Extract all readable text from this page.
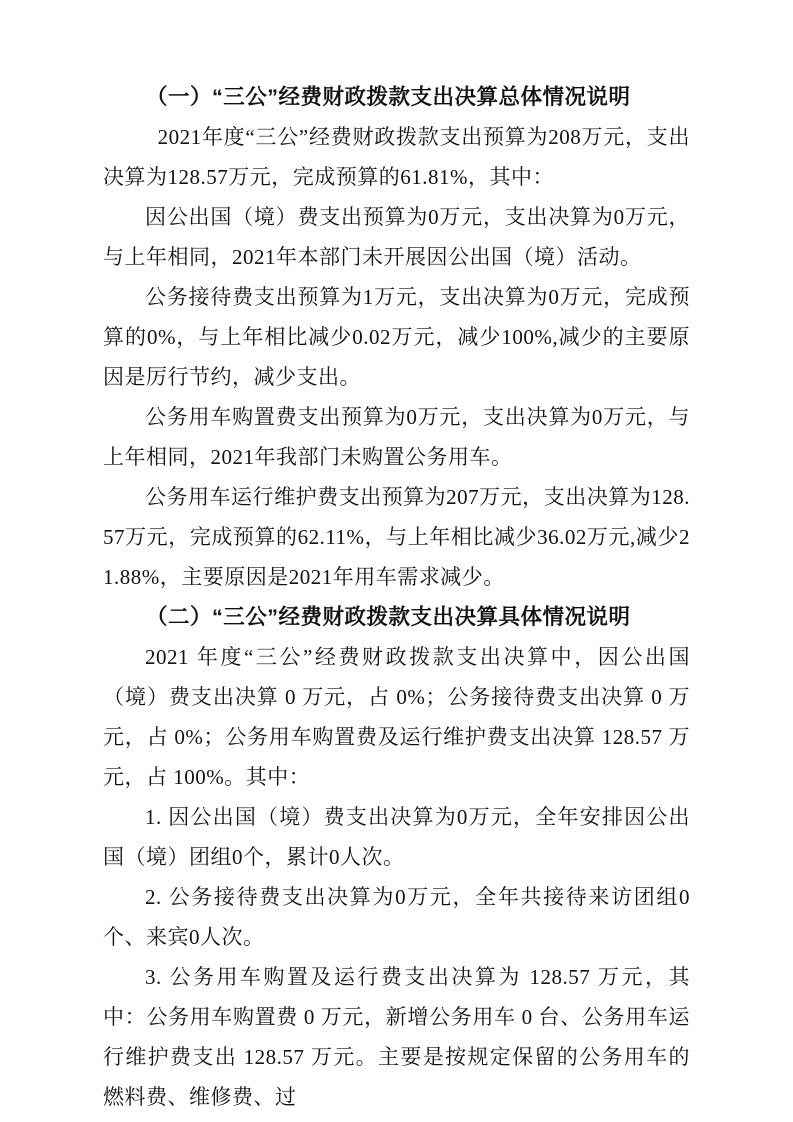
（一）“三公”经费财政拨款支出决算总体情况说明

2021年度“三公”经费财政拨款支出预算为208万元，支出决算为128.57万元，完成预算的61.81%，其中：

因公出国（境）费支出预算为0万元，支出决算为0万元，与上年相同，2021年本部门未开展因公出国（境）活动。

公务接待费支出预算为1万元，支出决算为0万元，完成预算的0%，与上年相比减少0.02万元，减少100%,减少的主要原因是厉行节约，减少支出。

公务用车购置费支出预算为0万元，支出决算为0万元，与上年相同，2021年我部门未购置公务用车。

公务用车运行维护费支出预算为207万元，支出决算为128.57万元，完成预算的62.11%，与上年相比减少36.02万元,减少21.88%，主要原因是2021年用车需求减少。

（二）“三公”经费财政拨款支出决算具体情况说明

2021 年度“三公”经费财政拨款支出决算中，因公出国（境）费支出决算 0 万元，占 0%；公务接待费支出决算 0 万元，占 0%；公务用车购置费及运行维护费支出决算 128.57 万元，占 100%。其中：

1. 因公出国（境）费支出决算为0万元，全年安排因公出国（境）团组0个，累计0人次。

2. 公务接待费支出决算为0万元，全年共接待来访团组0个、来宾0人次。

3. 公务用车购置及运行费支出决算为 128.57 万元，其中：公务用车购置费 0 万元，新增公务用车 0 台、公务用车运行维护费支出 128.57 万元。主要是按规定保留的公务用车的燃料费、维修费、过
